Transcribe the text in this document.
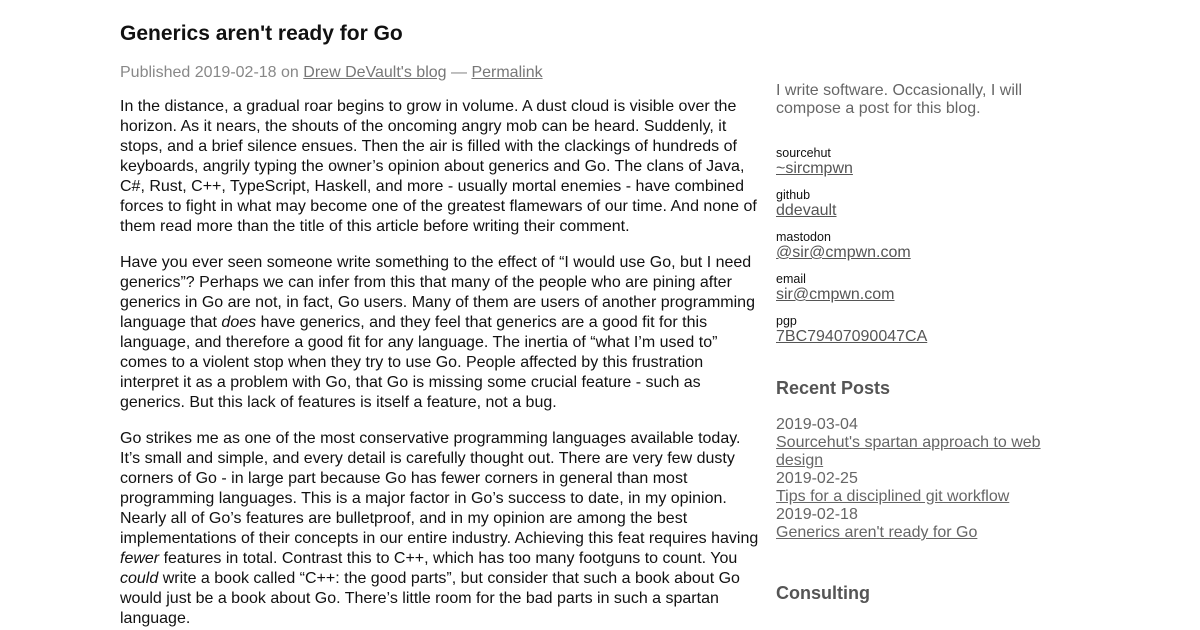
Generics aren't ready for Go
Published 2019-02-18 on Drew DeVault's blog — Permalink

In the distance, a gradual roar begins to grow in volume. A dust cloud is visible over the horizon. As it nears, the shouts of the oncoming angry mob can be heard. Suddenly, it stops, and a brief silence ensues. Then the air is filled with the clackings of hundreds of keyboards, angrily typing the owner’s opinion about generics and Go. The clans of Java, C#, Rust, C++, TypeScript, Haskell, and more - usually mortal enemies - have combined forces to fight in what may become one of the greatest flamewars of our time. And none of them read more than the title of this article before writing their comment.

Have you ever seen someone write something to the effect of “I would use Go, but I need generics”? Perhaps we can infer from this that many of the people who are pining after generics in Go are not, in fact, Go users. Many of them are users of another programming language that does have generics, and they feel that generics are a good fit for this language, and therefore a good fit for any language. The inertia of “what I’m used to” comes to a violent stop when they try to use Go. People affected by this frustration interpret it as a problem with Go, that Go is missing some crucial feature - such as generics. But this lack of features is itself a feature, not a bug.

Go strikes me as one of the most conservative programming languages available today. It’s small and simple, and every detail is carefully thought out. There are very few dusty corners of Go - in large part because Go has fewer corners in general than most programming languages. This is a major factor in Go’s success to date, in my opinion. Nearly all of Go’s features are bulletproof, and in my opinion are among the best implementations of their concepts in our entire industry. Achieving this feat requires having fewer features in total. Contrast this to C++, which has too many footguns to count. You could write a book called “C++: the good parts”, but consider that such a book about Go would just be a book about Go. There’s little room for the bad parts in such a spartan language.

I write software. Occasionally, I will compose a post for this blog.

sourcehut
~sircmpwn
github
ddevault
mastodon
@sir@cmpwn.com
email
sir@cmpwn.com
pgp
7BC79407090047CA
Recent Posts
2019-03-04
Sourcehut's spartan approach to web design
2019-02-25
Tips for a disciplined git workflow
2019-02-18
Generics aren't ready for Go
Consulting
